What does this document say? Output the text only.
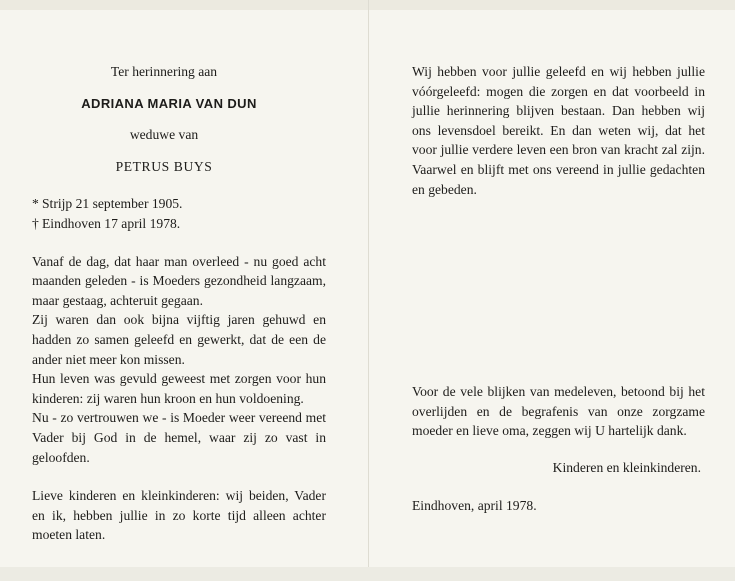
Ter herinnering aan

ADRIANA MARIA VAN DUN

weduwe van

PETRUS BUYS

* Strijp 21 september 1905.

† Eindhoven 17 april 1978.

Vanaf de dag, dat haar man overleed - nu goed acht maanden geleden - is Moeders gezondheid langzaam, maar gestaag, achteruit gegaan.

Zij waren dan ook bijna vijftig jaren gehuwd en hadden zo samen geleefd en gewerkt, dat de een de ander niet meer kon missen.

Hun leven was gevuld geweest met zorgen voor hun kinderen: zij waren hun kroon en hun voldoening.

Nu - zo vertrouwen we - is Moeder weer vereend met Vader bij God in de hemel, waar zij zo vast in geloofden.

Lieve kinderen en kleinkinderen: wij beiden, Vader en ik, hebben jullie in zo korte tijd alleen achter moeten laten.

Wij hebben voor jullie geleefd en wij hebben jullie vóórgeleefd: mogen die zorgen en dat voorbeeld in jullie herinnering blijven bestaan. Dan hebben wij ons levensdoel bereikt. En dan weten wij, dat het voor jullie verdere leven een bron van kracht zal zijn. Vaarwel en blijft met ons vereend in jullie gedachten en gebeden.

Voor de vele blijken van medeleven, betoond bij het overlijden en de begrafenis van onze zorgzame moeder en lieve oma, zeggen wij U hartelijk dank.

Kinderen en kleinkinderen.

Eindhoven, april 1978.
